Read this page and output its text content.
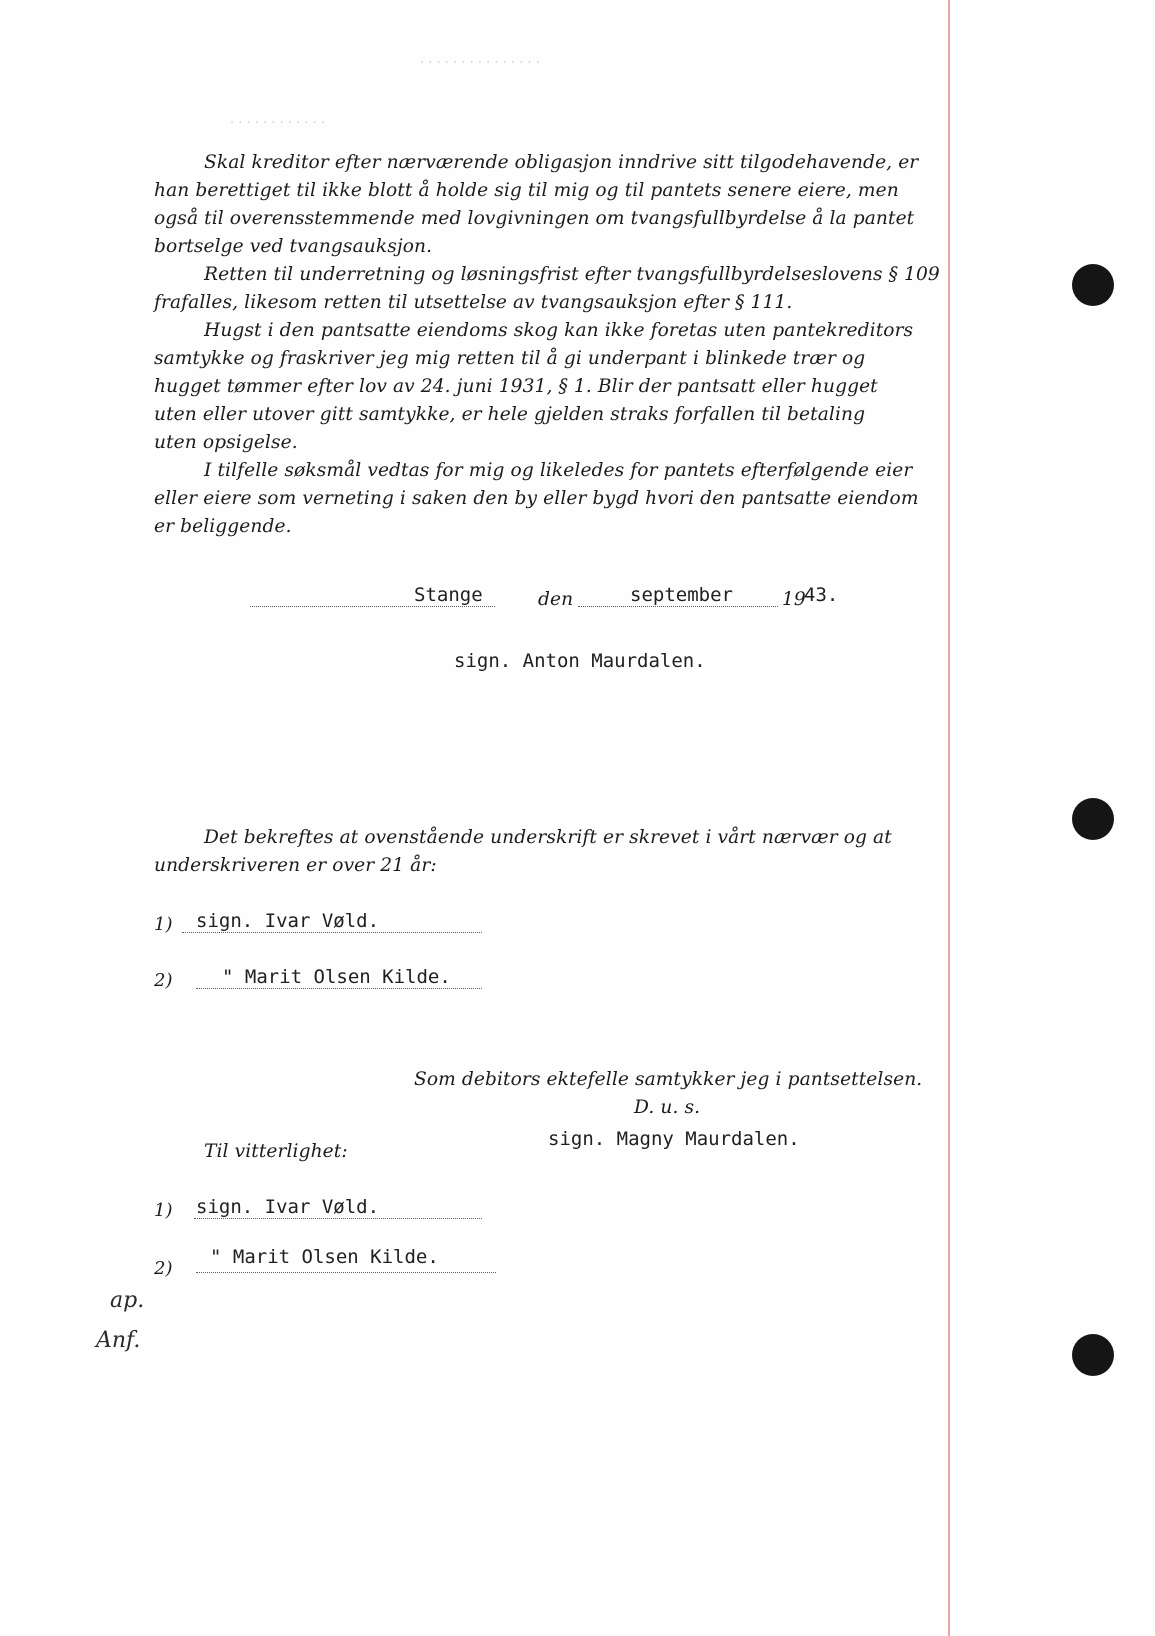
. . . . . . . . . . . . . . .
. . . . . . . . . . . .
Skal kreditor efter nærværende obligasjon inndrive sitt tilgodehavende, er
han berettiget til ikke blott å holde sig til mig og til pantets senere eiere, men
også til overensstemmende med lovgivningen om tvangsfullbyrdelse å la pantet
bortselge ved tvangsauksjon.
Retten til underretning og løsningsfrist efter tvangsfullbyrdelseslovens § 109
frafalles, likesom retten til utsettelse av tvangsauksjon efter § 111.
Hugst i den pantsatte eiendoms skog kan ikke foretas uten pantekreditors
samtykke og fraskriver jeg mig retten til å gi underpant i blinkede trær og
hugget tømmer efter lov av 24. juni 1931, § 1. Blir der pantsatt eller hugget
uten eller utover gitt samtykke, er hele gjelden straks forfallen til betaling
uten opsigelse.
I tilfelle søksmål vedtas for mig og likeledes for pantets efterfølgende eier
eller eiere som verneting i saken den by eller bygd hvori den pantsatte eiendom
er beliggende.
Stange	den	september	19
43.
sign. Anton Maurdalen.
Det bekreftes at ovenstående underskrift er skrevet i vårt nærvær og at
underskriveren er over 21 år:
1) sign. Ivar Vøld.
2)	" Marit Olsen Kilde.
Som debitors ektefelle samtykker jeg i pantsettelsen.
D. u. s.
sign. Magny Maurdalen.
Til vitterlighet:
1) sign. Ivar Vøld.
2)
" Marit Olsen Kilde.
ap.
Anf.
